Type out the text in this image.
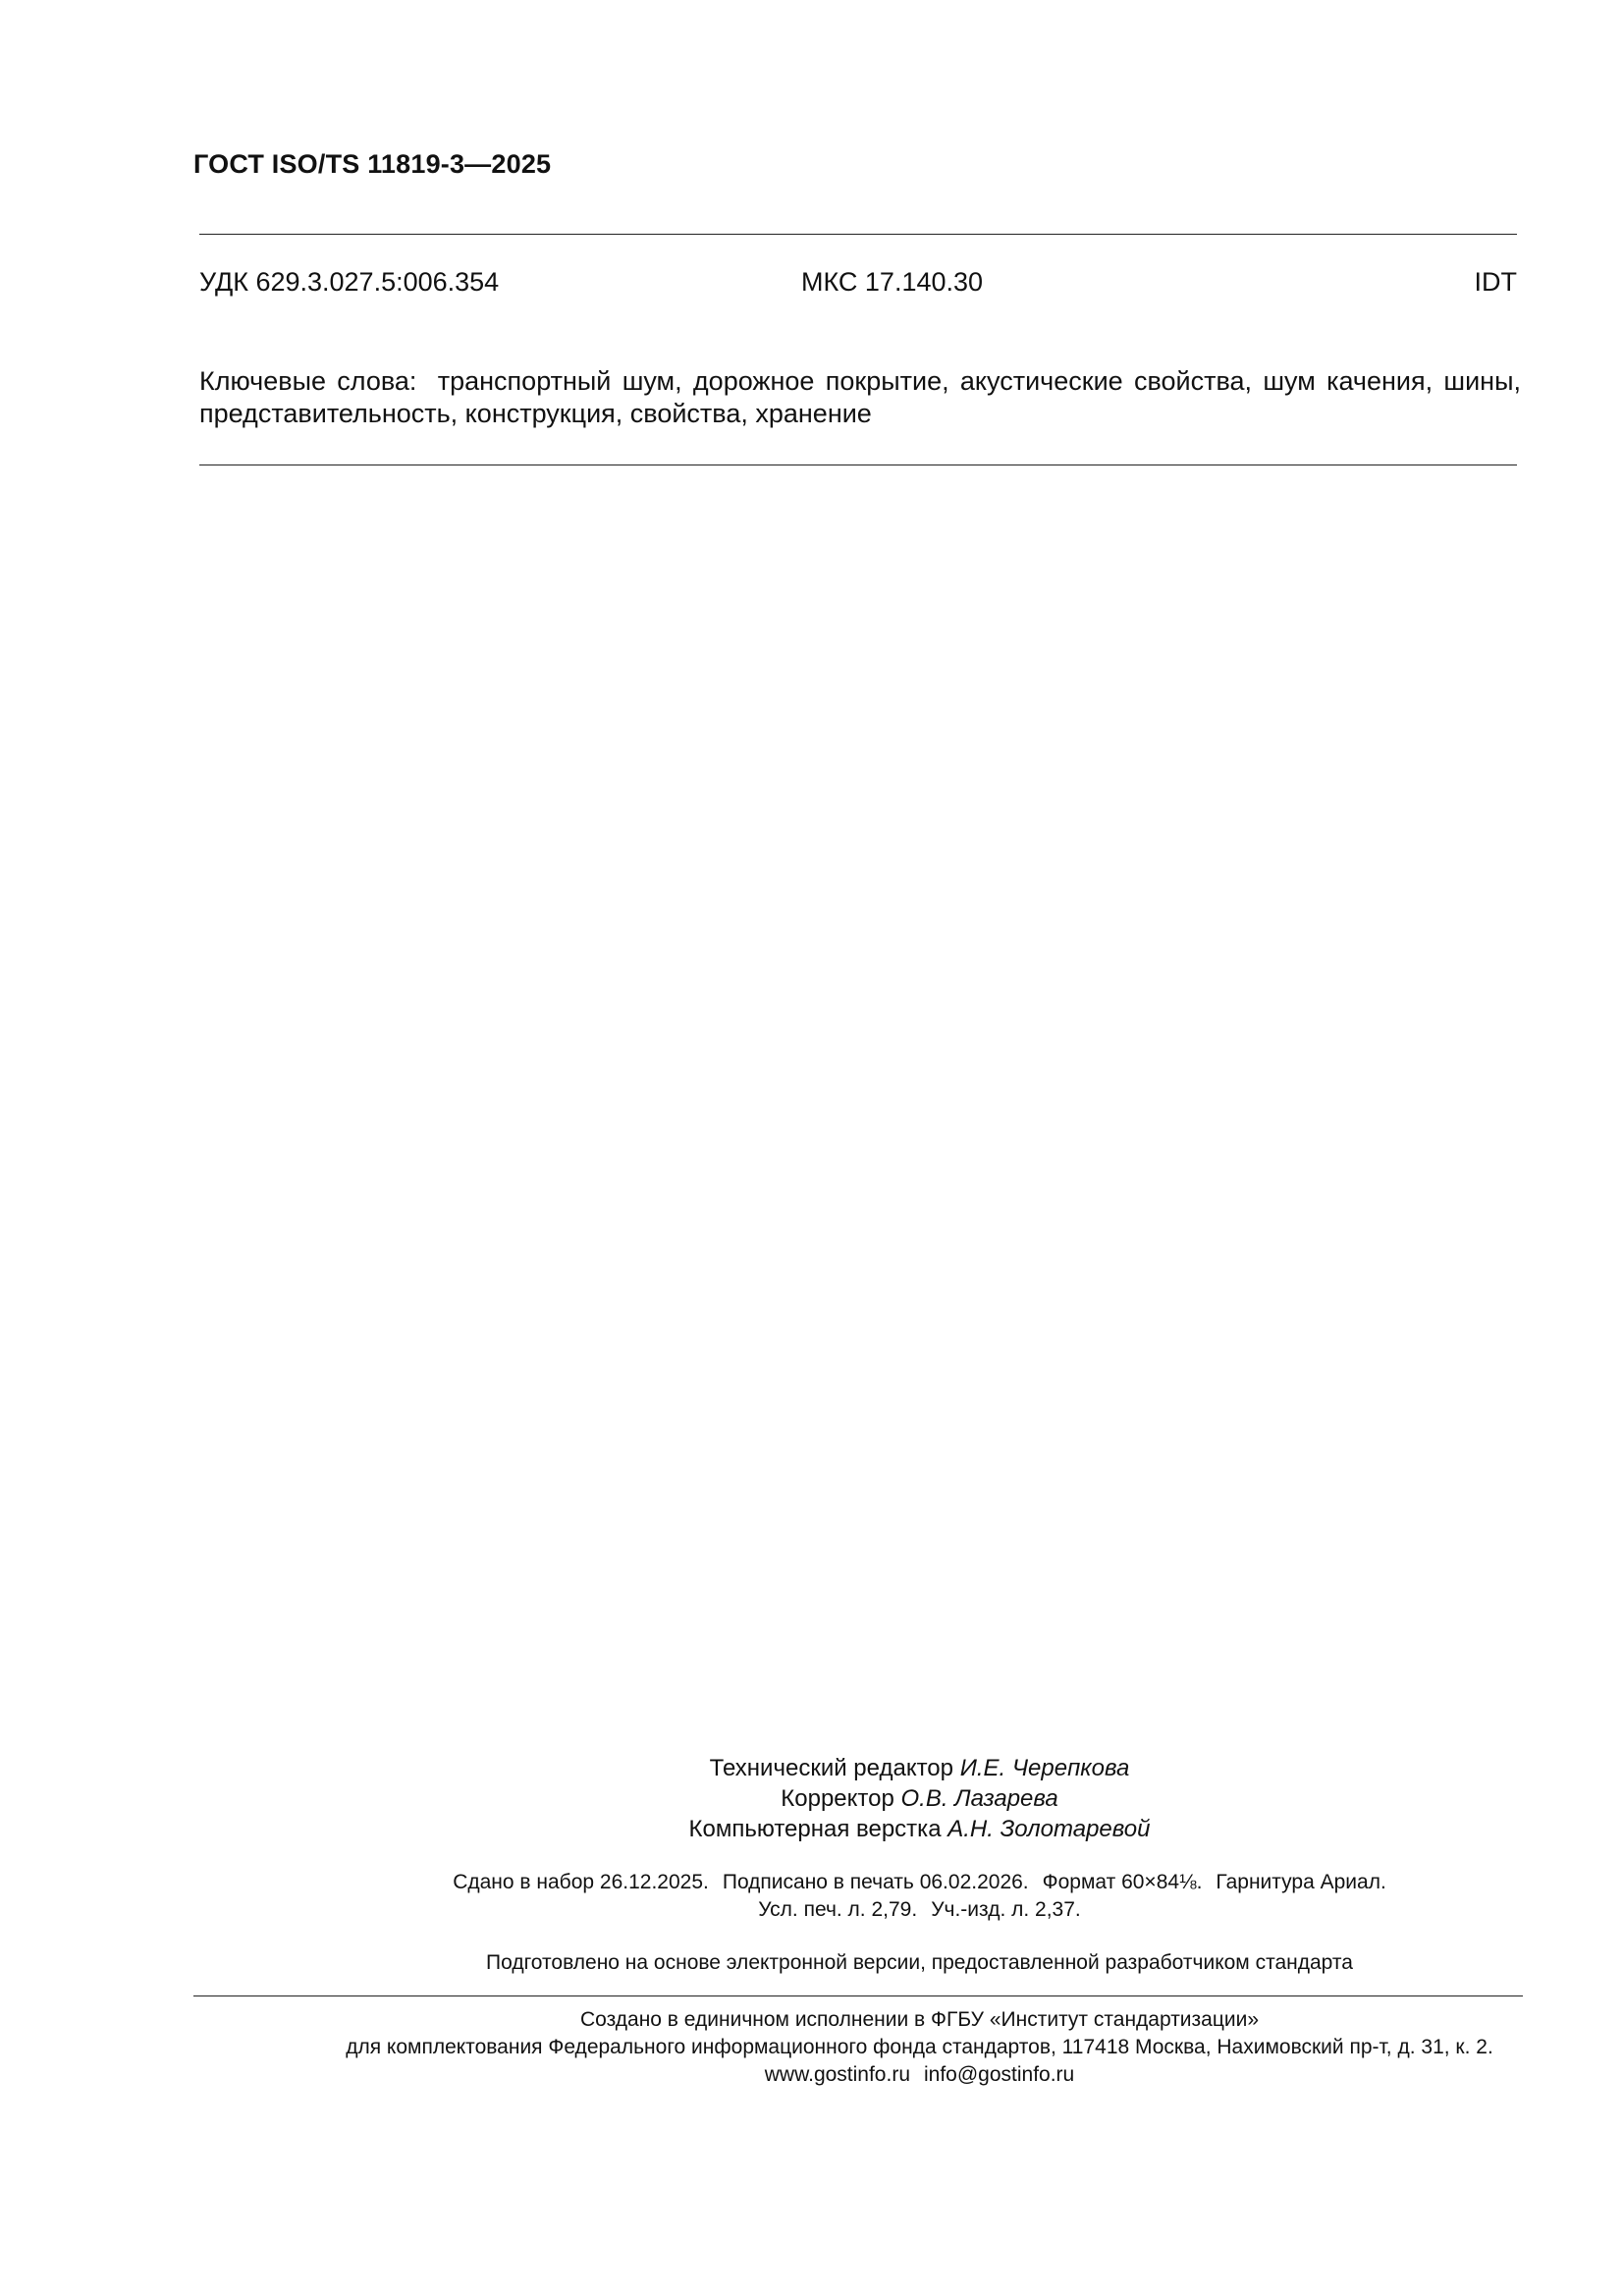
ГОСТ ISO/TS 11819-3—2025
УДК 629.3.027.5:006.354	МКС 17.140.30	IDT
Ключевые слова: транспортный шум, дорожное покрытие, акустические свойства, шум качения, шины, представительность, конструкция, свойства, хранение
Технический редактор И.Е. Черепкова
Корректор О.В. Лазарева
Компьютерная верстка А.Н. Золотаревой
Сдано в набор 26.12.2025. Подписано в печать 06.02.2026. Формат 60×84⅛. Гарнитура Ариал.
Усл. печ. л. 2,79. Уч.-изд. л. 2,37.
Подготовлено на основе электронной версии, предоставленной разработчиком стандарта
Создано в единичном исполнении в ФГБУ «Институт стандартизации»
для комплектования Федерального информационного фонда стандартов, 117418 Москва, Нахимовский пр-т, д. 31, к. 2.
www.gostinfo.ru info@gostinfo.ru
